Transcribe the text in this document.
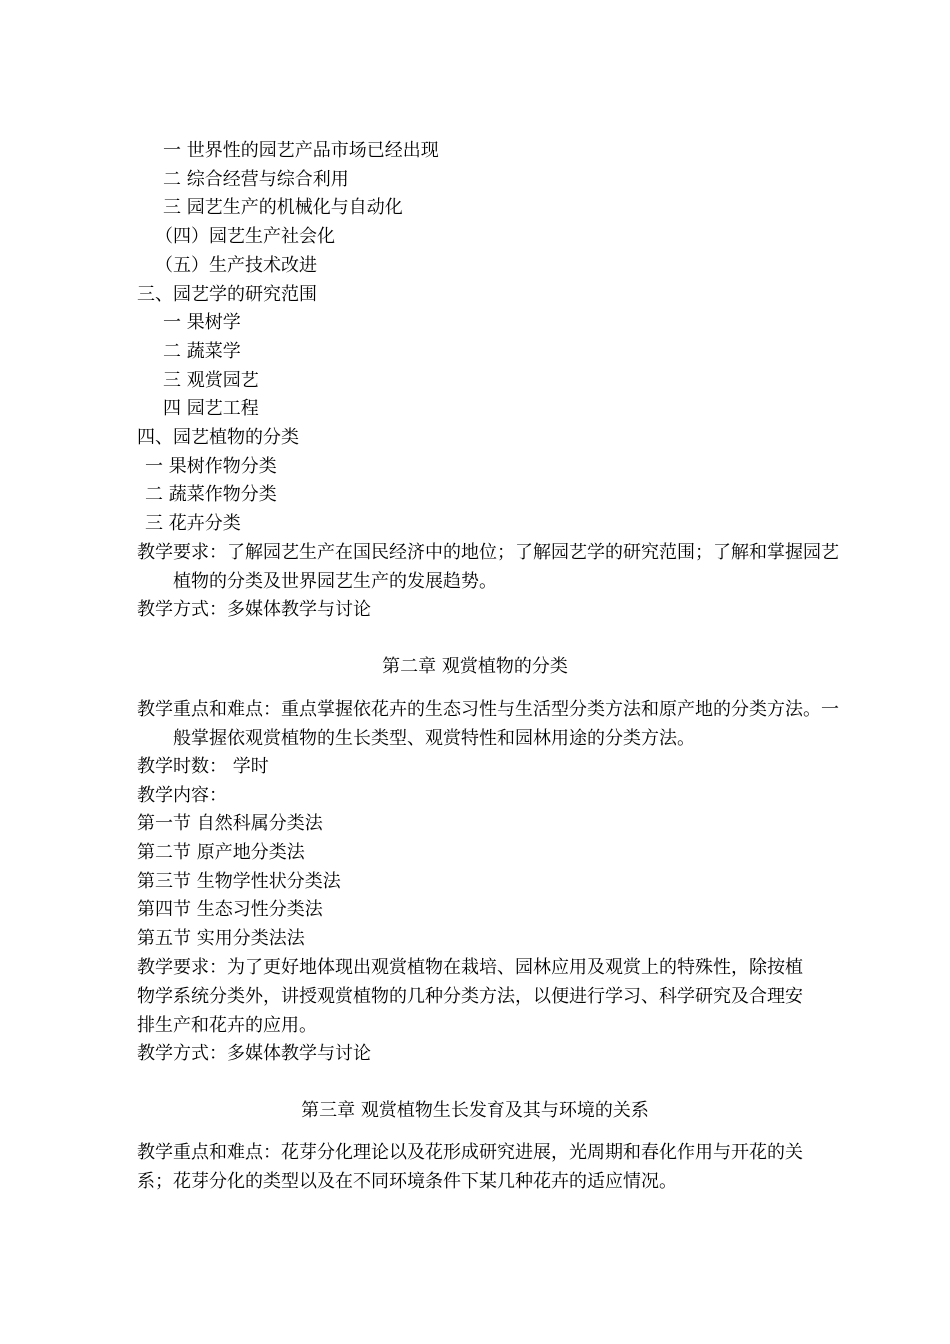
一 世界性的园艺产品市场已经出现
二 综合经营与综合利用
三 园艺生产的机械化与自动化
（四）园艺生产社会化
（五）生产技术改进
三、园艺学的研究范围
一 果树学
二 蔬菜学
三 观赏园艺
四 园艺工程
四、园艺植物的分类
一 果树作物分类
二 蔬菜作物分类
三 花卉分类
教学要求：了解园艺生产在国民经济中的地位；了解园艺学的研究范围；了解和掌握园艺植物的分类及世界园艺生产的发展趋势。
教学方式：多媒体教学与讨论
第二章 观赏植物的分类
教学重点和难点：重点掌握依花卉的生态习性与生活型分类方法和原产地的分类方法。一般掌握依观赏植物的生长类型、观赏特性和园林用途的分类方法。
教学时数： 学时
教学内容：
第一节 自然科属分类法
第二节 原产地分类法
第三节 生物学性状分类法
第四节 生态习性分类法
第五节 实用分类法法
教学要求：为了更好地体现出观赏植物在栽培、园林应用及观赏上的特殊性，除按植物学系统分类外，讲授观赏植物的几种分类方法，以便进行学习、科学研究及合理安排生产和花卉的应用。
教学方式：多媒体教学与讨论
第三章 观赏植物生长发育及其与环境的关系
教学重点和难点：花芽分化理论以及花形成研究进展，光周期和春化作用与开花的关系；花芽分化的类型以及在不同环境条件下某几种花卉的适应情况。
